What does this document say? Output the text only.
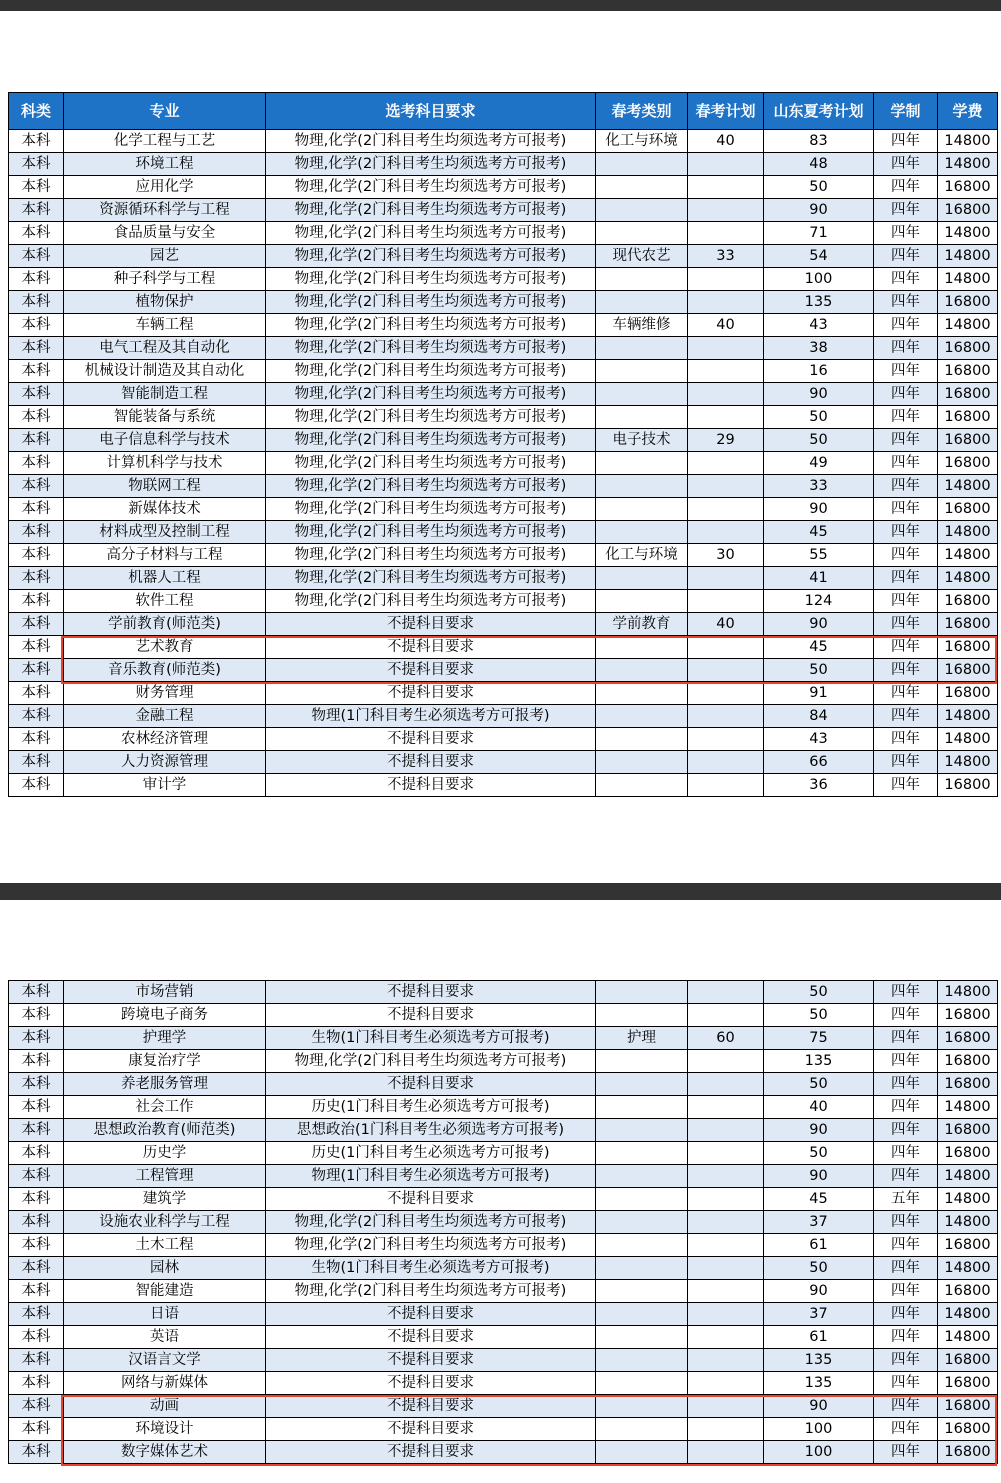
科类	专业	选考科目要求	春考类别	春考计划	山东夏考计划	学制	学费
本科	化学工程与工艺	物理,化学(2门科目考生均须选考方可报考)	化工与环境	40	83	四年	14800
本科	环境工程	物理,化学(2门科目考生均须选考方可报考)			48	四年	14800
本科	应用化学	物理,化学(2门科目考生均须选考方可报考)			50	四年	16800
本科	资源循环科学与工程	物理,化学(2门科目考生均须选考方可报考)			90	四年	16800
本科	食品质量与安全	物理,化学(2门科目考生均须选考方可报考)			71	四年	14800
本科	园艺	物理,化学(2门科目考生均须选考方可报考)	现代农艺	33	54	四年	14800
本科	种子科学与工程	物理,化学(2门科目考生均须选考方可报考)			100	四年	14800
本科	植物保护	物理,化学(2门科目考生均须选考方可报考)			135	四年	16800
本科	车辆工程	物理,化学(2门科目考生均须选考方可报考)	车辆维修	40	43	四年	14800
本科	电气工程及其自动化	物理,化学(2门科目考生均须选考方可报考)			38	四年	16800
本科	机械设计制造及其自动化	物理,化学(2门科目考生均须选考方可报考)			16	四年	16800
本科	智能制造工程	物理,化学(2门科目考生均须选考方可报考)			90	四年	16800
本科	智能装备与系统	物理,化学(2门科目考生均须选考方可报考)			50	四年	16800
本科	电子信息科学与技术	物理,化学(2门科目考生均须选考方可报考)	电子技术	29	50	四年	16800
本科	计算机科学与技术	物理,化学(2门科目考生均须选考方可报考)			49	四年	16800
本科	物联网工程	物理,化学(2门科目考生均须选考方可报考)			33	四年	14800
本科	新媒体技术	物理,化学(2门科目考生均须选考方可报考)			90	四年	16800
本科	材料成型及控制工程	物理,化学(2门科目考生均须选考方可报考)			45	四年	14800
本科	高分子材料与工程	物理,化学(2门科目考生均须选考方可报考)	化工与环境	30	55	四年	14800
本科	机器人工程	物理,化学(2门科目考生均须选考方可报考)			41	四年	14800
本科	软件工程	物理,化学(2门科目考生均须选考方可报考)			124	四年	16800
本科	学前教育(师范类)	不提科目要求	学前教育	40	90	四年	16800
本科	艺术教育	不提科目要求			45	四年	16800
本科	音乐教育(师范类)	不提科目要求			50	四年	16800
本科	财务管理	不提科目要求			91	四年	16800
本科	金融工程	物理(1门科目考生必须选考方可报考)			84	四年	14800
本科	农林经济管理	不提科目要求			43	四年	14800
本科	人力资源管理	不提科目要求			66	四年	14800
本科	审计学	不提科目要求			36	四年	16800
本科	市场营销	不提科目要求			50	四年	14800
本科	跨境电子商务	不提科目要求			50	四年	16800
本科	护理学	生物(1门科目考生必须选考方可报考)	护理	60	75	四年	16800
本科	康复治疗学	物理,化学(2门科目考生均须选考方可报考)			135	四年	16800
本科	养老服务管理	不提科目要求			50	四年	16800
本科	社会工作	历史(1门科目考生必须选考方可报考)			40	四年	14800
本科	思想政治教育(师范类)	思想政治(1门科目考生必须选考方可报考)			90	四年	16800
本科	历史学	历史(1门科目考生必须选考方可报考)			50	四年	16800
本科	工程管理	物理(1门科目考生必须选考方可报考)			90	四年	14800
本科	建筑学	不提科目要求			45	五年	14800
本科	设施农业科学与工程	物理,化学(2门科目考生均须选考方可报考)			37	四年	14800
本科	土木工程	物理,化学(2门科目考生均须选考方可报考)			61	四年	16800
本科	园林	生物(1门科目考生必须选考方可报考)			50	四年	14800
本科	智能建造	物理,化学(2门科目考生均须选考方可报考)			90	四年	16800
本科	日语	不提科目要求			37	四年	14800
本科	英语	不提科目要求			61	四年	14800
本科	汉语言文学	不提科目要求			135	四年	16800
本科	网络与新媒体	不提科目要求			135	四年	16800
本科	动画	不提科目要求			90	四年	16800
本科	环境设计	不提科目要求			100	四年	16800
本科	数字媒体艺术	不提科目要求			100	四年	16800
